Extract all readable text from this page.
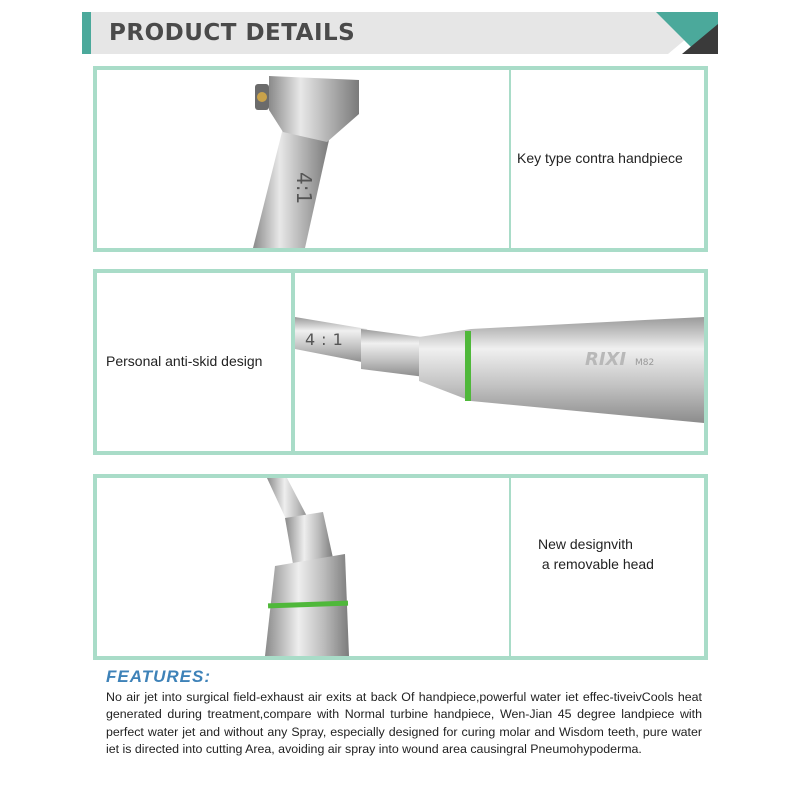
PRODUCT DETAILS
4:1
Key type contra handpiece
Personal anti-skid design
4:1
RIXI M82
New designvith
a removable head
FEATURES:
No air jet into surgical field-exhaust air exits at back Of handpiece,powerful water iet effec-tiveivCools heat generated during treatment,compare with Normal turbine handpiece, Wen-Jian 45 degree landpiece with perfect water jet and without any Spray, especially designed for curing molar and Wisdom teeth, pure water iet is directed into cutting Area, avoiding air spray into wound area causingral Pneumohypoderma.
